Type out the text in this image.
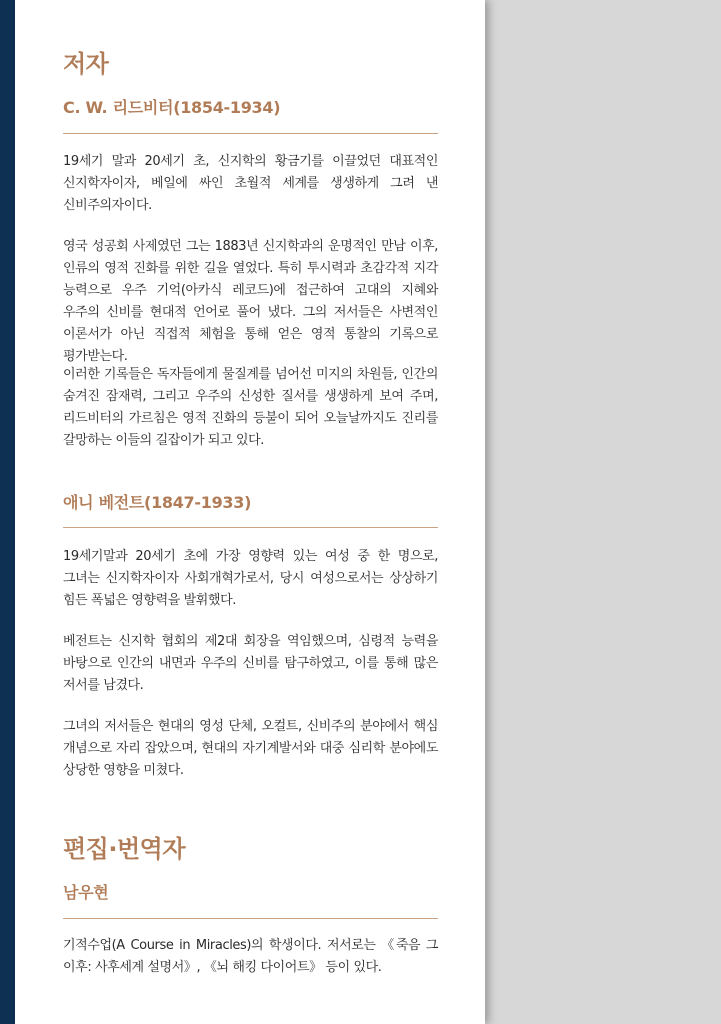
저자
C. W. 리드비터(1854-1934)

19세기 말과 20세기 초, 신지학의 황금기를 이끌었던 대표적인 신지학자이자, 베일에 싸인 초월적 세계를 생생하게 그려 낸 신비주의자이다.

영국 성공회 사제였던 그는 1883년 신지학과의 운명적인 만남 이후, 인류의 영적 진화를 위한 길을 열었다. 특히 투시력과 초감각적 지각 능력으로 우주 기억(아카식 레코드)에 접근하여 고대의 지혜와 우주의 신비를 현대적 언어로 풀어 냈다. 그의 저서들은 사변적인 이론서가 아닌 직접적 체험을 통해 얻은 영적 통찰의 기록으로 평가받는다.

이러한 기록들은 독자들에게 물질계를 넘어선 미지의 차원들, 인간의 숨겨진 잠재력, 그리고 우주의 신성한 질서를 생생하게 보여 주며, 리드비터의 가르침은 영적 진화의 등불이 되어 오늘날까지도 진리를 갈망하는 이들의 길잡이가 되고 있다.

애니 베전트(1847-1933)

19세기말과 20세기 초에 가장 영향력 있는 여성 중 한 명으로, 그녀는 신지학자이자 사회개혁가로서, 당시 여성으로서는 상상하기 힘든 폭넓은 영향력을 발휘했다.

베전트는 신지학 협회의 제2대 회장을 역임했으며, 심령적 능력을 바탕으로 인간의 내면과 우주의 신비를 탐구하였고, 이를 통해 많은 저서를 남겼다.

그녀의 저서들은 현대의 영성 단체, 오컬트, 신비주의 분야에서 핵심 개념으로 자리 잡았으며, 현대의 자기계발서와 대중 심리학 분야에도 상당한 영향을 미쳤다.

편집·번역자
남우현

기적수업(A Course in Miracles)의 학생이다. 저서로는 《죽음 그 이후: 사후세계 설명서》, 《뇌 해킹 다이어트》 등이 있다.
